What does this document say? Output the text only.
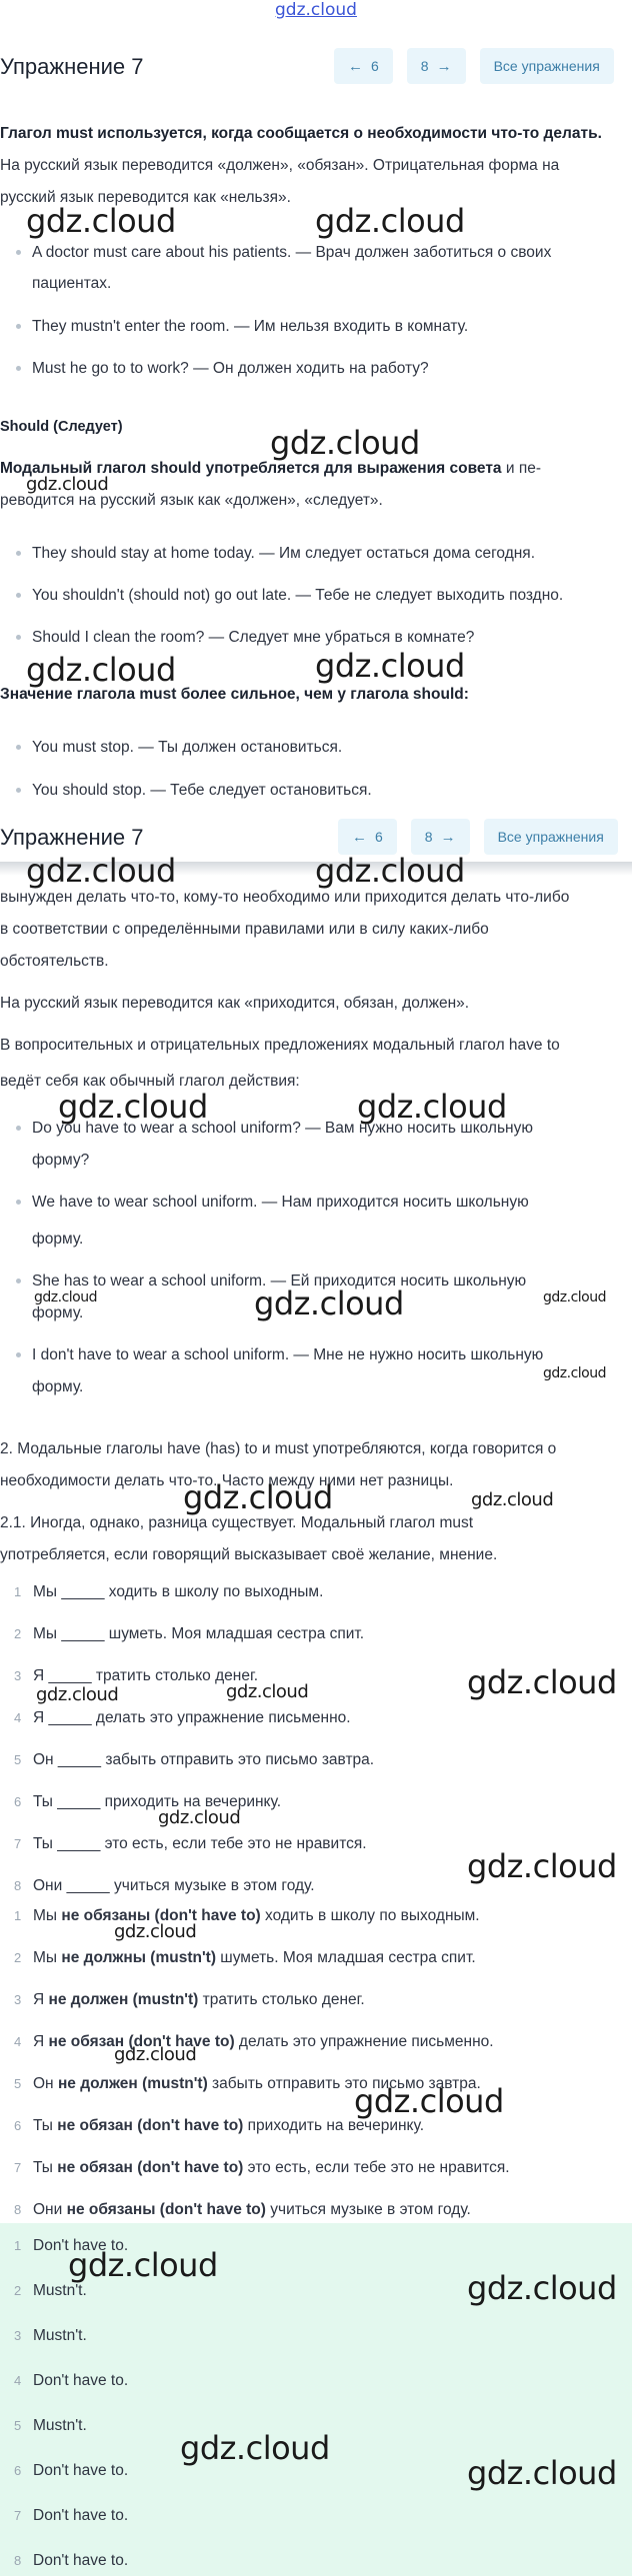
gdz.cloud
Упражнение 7	← 6	8 →	Все упражнения
Глагол must используется, когда сообщается о необходимости что-то делать.
На русский язык переводится «должен», «обязан». Отрицательная форма на
русский язык переводится как «нельзя».
A doctor must care about his patients. — Врач должен заботиться о своих
пациентах.
They mustn't enter the room. — Им нельзя входить в комнату.
Must he go to to work? — Он должен ходить на работу?
Should (Следует)
Модальный глагол should употребляется для выражения совета и пе-
реводится на русский язык как «должен», «следует».
They should stay at home today. — Им следует остаться дома сегодня.
You shouldn't (should not) go out late. — Тебе не следует выходить поздно.
Should I clean the room? — Следует мне убраться в комнате?
Значение глагола must более сильное, чем у глагола should:
You must stop. — Ты должен остановиться.
You should stop. — Тебе следует остановиться.
Упражнение 7	← 6	8 →	Все упражнения
вынужден делать что-то, кому-то необходимо или приходится делать что-либо
в соответствии с определёнными правилами или в силу каких-либо
обстоятельств.
На русский язык переводится как «приходится, обязан, должен».
В вопросительных и отрицательных предложениях модальный глагол have to
ведёт себя как обычный глагол действия:
Do you have to wear a school uniform? — Вам нужно носить школьную
форму?
We have to wear school uniform. — Нам приходится носить школьную
форму.
She has to wear a school uniform. — Ей приходится носить школьную
форму.
I don't have to wear a school uniform. — Мне не нужно носить школьную
форму.
2. Модальные глаголы have (has) to и must употребляются, когда говорится о
необходимости делать что-то. Часто между ними нет разницы.
2.1. Иногда, однако, разница существует. Модальный глагол must
употребляется, если говорящий высказывает своё желание, мнение.
1 Мы _____ ходить в школу по выходным.
2 Мы _____ шуметь. Моя младшая сестра спит.
3 Я _____ тратить столько денег.
4 Я _____ делать это упражнение письменно.
5 Он _____ забыть отправить это письмо завтра.
6 Ты _____ приходить на вечеринку.
7 Ты _____ это есть, если тебе это не нравится.
8 Они _____ учиться музыке в этом году.
1 Мы не обязаны (don't have to) ходить в школу по выходным.
2 Мы не должны (mustn't) шуметь. Моя младшая сестра спит.
3 Я не должен (mustn't) тратить столько денег.
4 Я не обязан (don't have to) делать это упражнение письменно.
5 Он не должен (mustn't) забыть отправить это письмо завтра.
6 Ты не обязан (don't have to) приходить на вечеринку.
7 Ты не обязан (don't have to) это есть, если тебе это не нравится.
8 Они не обязаны (don't have to) учиться музыке в этом году.
1 Don't have to.
2 Mustn't.
3 Mustn't.
4 Don't have to.
5 Mustn't.
6 Don't have to.
7 Don't have to.
8 Don't have to.
gdz.cloud	gdz.cloud
gdz.cloud
gdz.cloud
gdz.cloud	gdz.cloud
gdz.cloud	gdz.cloud
gdz.cloud	gdz.cloud
gdz.cloud	gdz.cloud	gdz.cloud
gdz.cloud
gdz.cloud	gdz.cloud
gdz.cloud
gdz.cloud	gdz.cloud
gdz.cloud
gdz.cloud
gdz.cloud
gdz.cloud
gdz.cloud
gdz.cloud
gdz.cloud
gdz.cloud
gdz.cloud
